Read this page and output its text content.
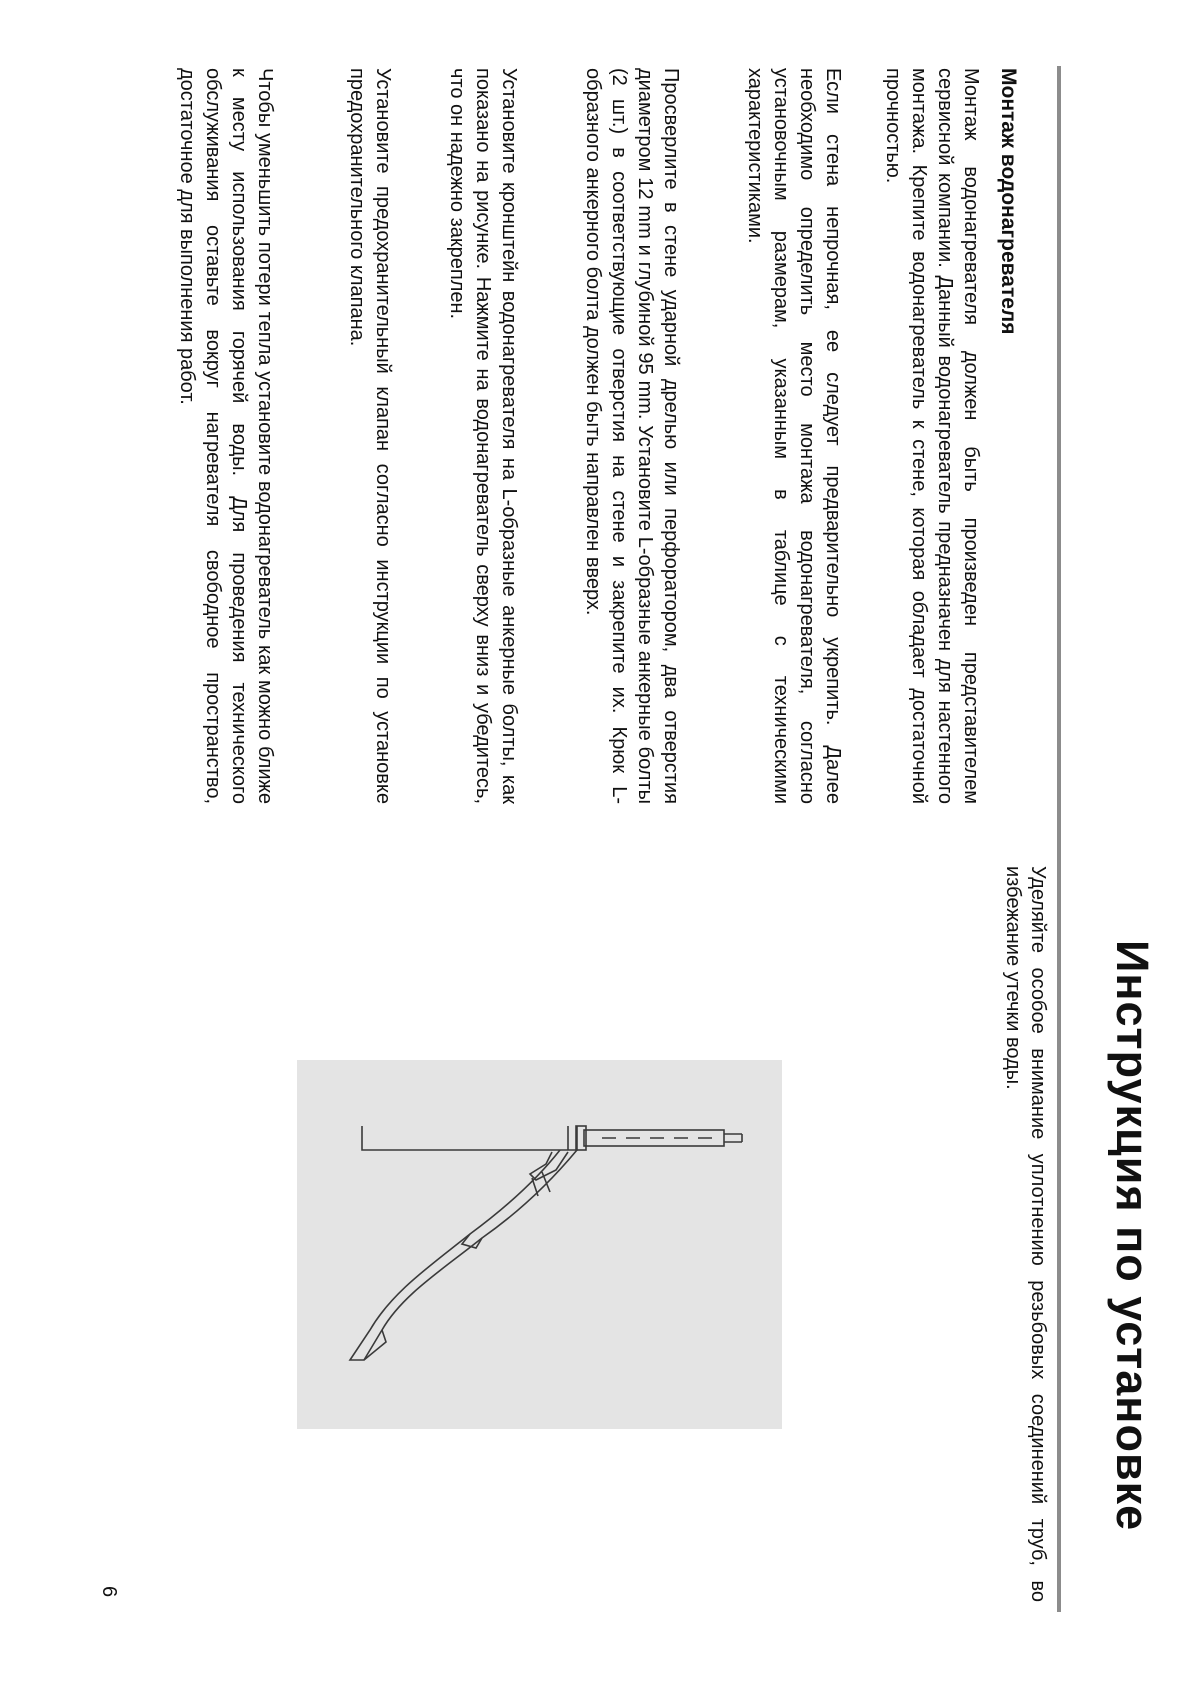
Инструкция по установке
Уделяйте особое внимание уплотнению резьбовых соединений труб, во избежание утечки воды.
Монтаж водонагревателя
Монтаж водонагревателя должен быть произведен представителем сервисной компании. Данный водонагреватель предназначен для настенного монтажа. Крепите водонагреватель к стене, которая обладает достаточной прочностью.
Если стена непрочная, ее следует предварительно укрепить. Далее необходимо определить место монтажа водонагревателя, согласно установочным размерам, указанным в таблице с техническими характеристиками.
Просверлите в стене ударной дрелью или перфоратором, два отверстия диаметром 12 mm и глубиной 95 mm. Установите L-образные анкерные болты (2 шт.) в соответствующие отверстия на стене и закрепите их. Крюк L-образного анкерного болта должен быть направлен вверх.
Установите кронштейн водонагревателя на L-образные анкерные болты, как показано на рисунке. Нажмите на водонагреватель сверху вниз и убедитесь, что он надежно закреплен.
Установите предохранительный клапан согласно инструкции по установке предохранительного клапана.
Чтобы уменьшить потери тепла установите водонагреватель как можно ближе к месту использования горячей воды. Для проведения технического обслуживания оставьте вокруг нагревателя свободное пространство, достаточное для выполнения работ.
6
